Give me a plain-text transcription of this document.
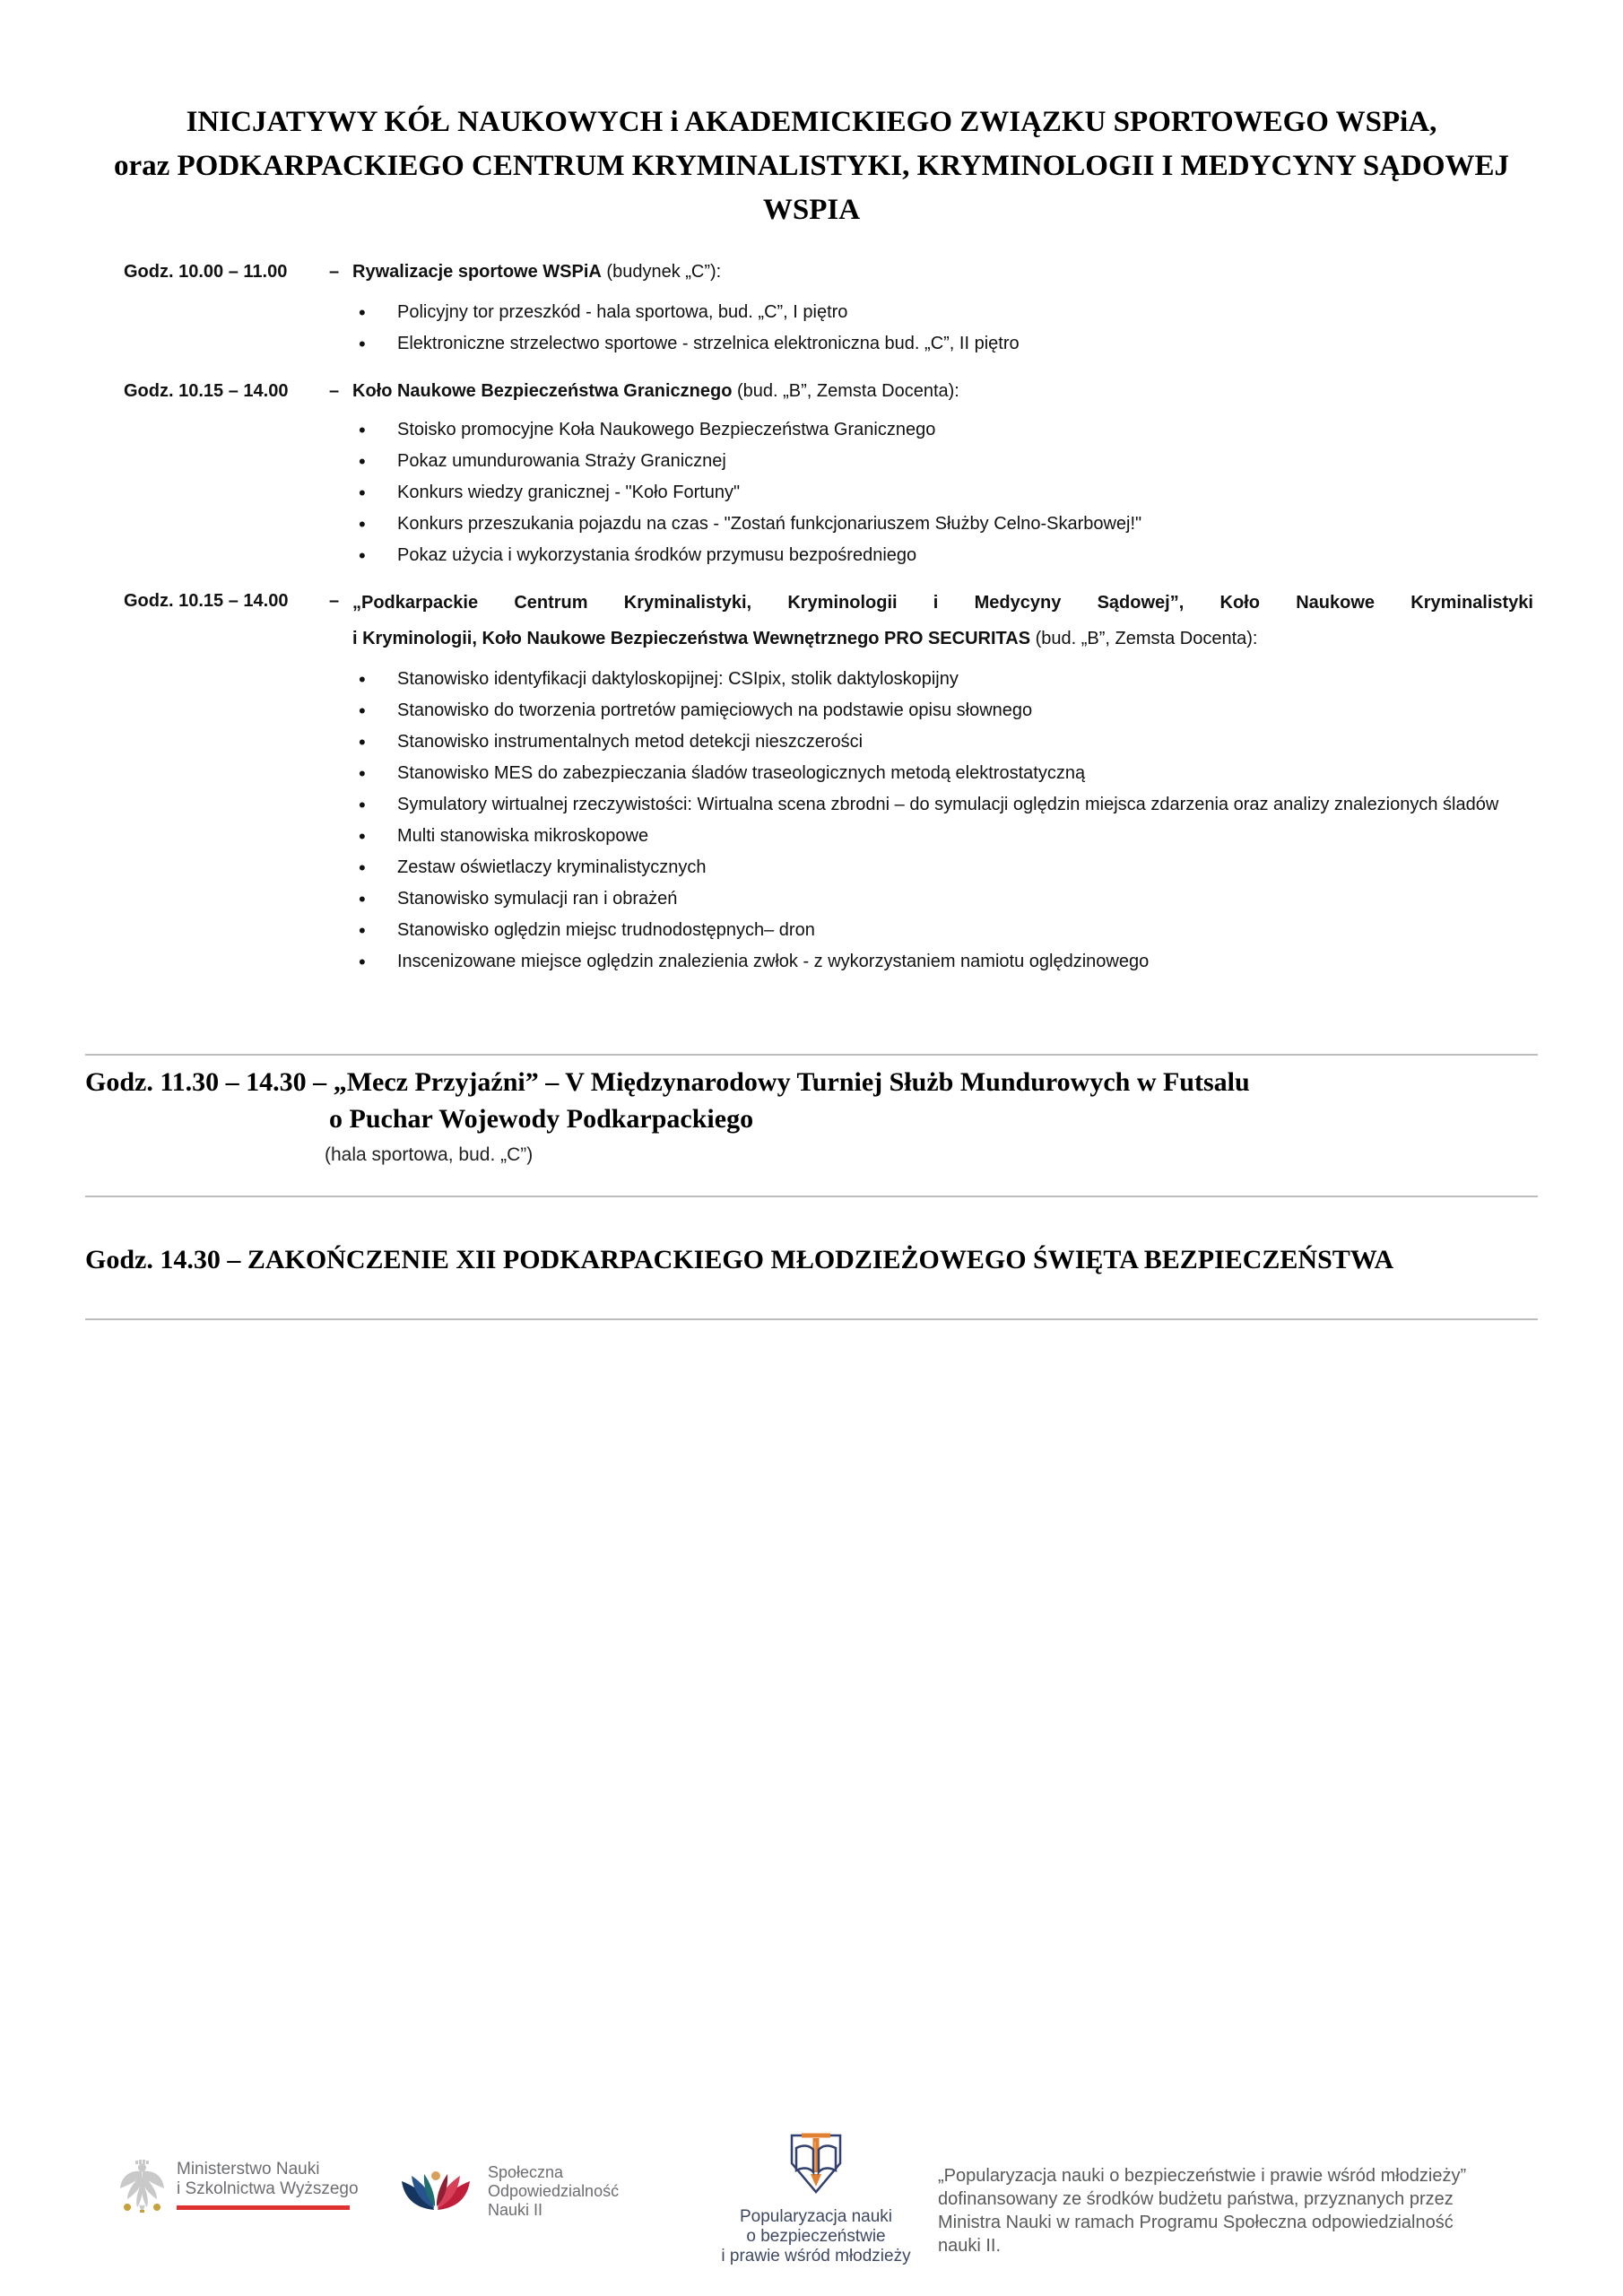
INICJATYWY KÓŁ NAUKOWYCH i AKADEMICKIEGO ZWIĄZKU SPORTOWEGO WSPiA,
oraz PODKARPACKIEGO CENTRUM KRYMINALISTYKI, KRYMINOLOGII I MEDYCYNY SĄDOWEJ
WSPIA
Godz. 10.00 – 11.00	– Rywalizacje sportowe WSPiA (budynek „C”):
• Policyjny tor przeszkód - hala sportowa, bud. „C”, I piętro
• Elektroniczne strzelectwo sportowe - strzelnica elektroniczna bud. „C”, II piętro
Godz. 10.15 – 14.00	– Koło Naukowe Bezpieczeństwa Granicznego (bud. „B”, Zemsta Docenta):
• Stoisko promocyjne Koła Naukowego Bezpieczeństwa Granicznego
• Pokaz umundurowania Straży Granicznej
• Konkurs wiedzy granicznej - "Koło Fortuny"
• Konkurs przeszukania pojazdu na czas - "Zostań funkcjonariuszem Służby Celno-Skarbowej!"
• Pokaz użycia i wykorzystania środków przymusu bezpośredniego
Godz. 10.15 – 14.00	– „Podkarpackie Centrum Kryminalistyki, Kryminologii i Medycyny Sądowej”, Koło Naukowe Kryminalistyki
i Kryminologii, Koło Naukowe Bezpieczeństwa Wewnętrznego PRO SECURITAS (bud. „B”, Zemsta Docenta):
• Stanowisko identyfikacji daktyloskopijnej: CSIpix, stolik daktyloskopijny
• Stanowisko do tworzenia portretów pamięciowych na podstawie opisu słownego
• Stanowisko instrumentalnych metod detekcji nieszczerości
• Stanowisko MES do zabezpieczania śladów traseologicznych metodą elektrostatyczną
• Symulatory wirtualnej rzeczywistości: Wirtualna scena zbrodni – do symulacji oględzin miejsca zdarzenia oraz analizy znalezionych śladów
• Multi stanowiska mikroskopowe
• Zestaw oświetlaczy kryminalistycznych
• Stanowisko symulacji ran i obrażeń
• Stanowisko oględzin miejsc trudnodostępnych– dron
• Inscenizowane miejsce oględzin znalezienia zwłok - z wykorzystaniem namiotu oględzinowego
Godz. 11.30 – 14.30 – „Mecz Przyjaźni” – V Międzynarodowy Turniej Służb Mundurowych w Futsalu
o Puchar Wojewody Podkarpackiego
(hala sportowa, bud. „C”)
Godz. 14.30 – ZAKOŃCZENIE XII PODKARPACKIEGO MŁODZIEŻOWEGO ŚWIĘTA BEZPIECZEŃSTWA
Ministerstwo Nauki
i Szkolnictwa Wyższego
Społeczna
Odpowiedzialność
Nauki II	Popularyzacja nauki
o bezpieczeństwie
i prawie wśród młodzieży
„Popularyzacja nauki o bezpieczeństwie i prawie wśród młodzieży”
dofinansowany ze środków budżetu państwa, przyznanych przez
Ministra Nauki w ramach Programu Społeczna odpowiedzialność nauki II.
